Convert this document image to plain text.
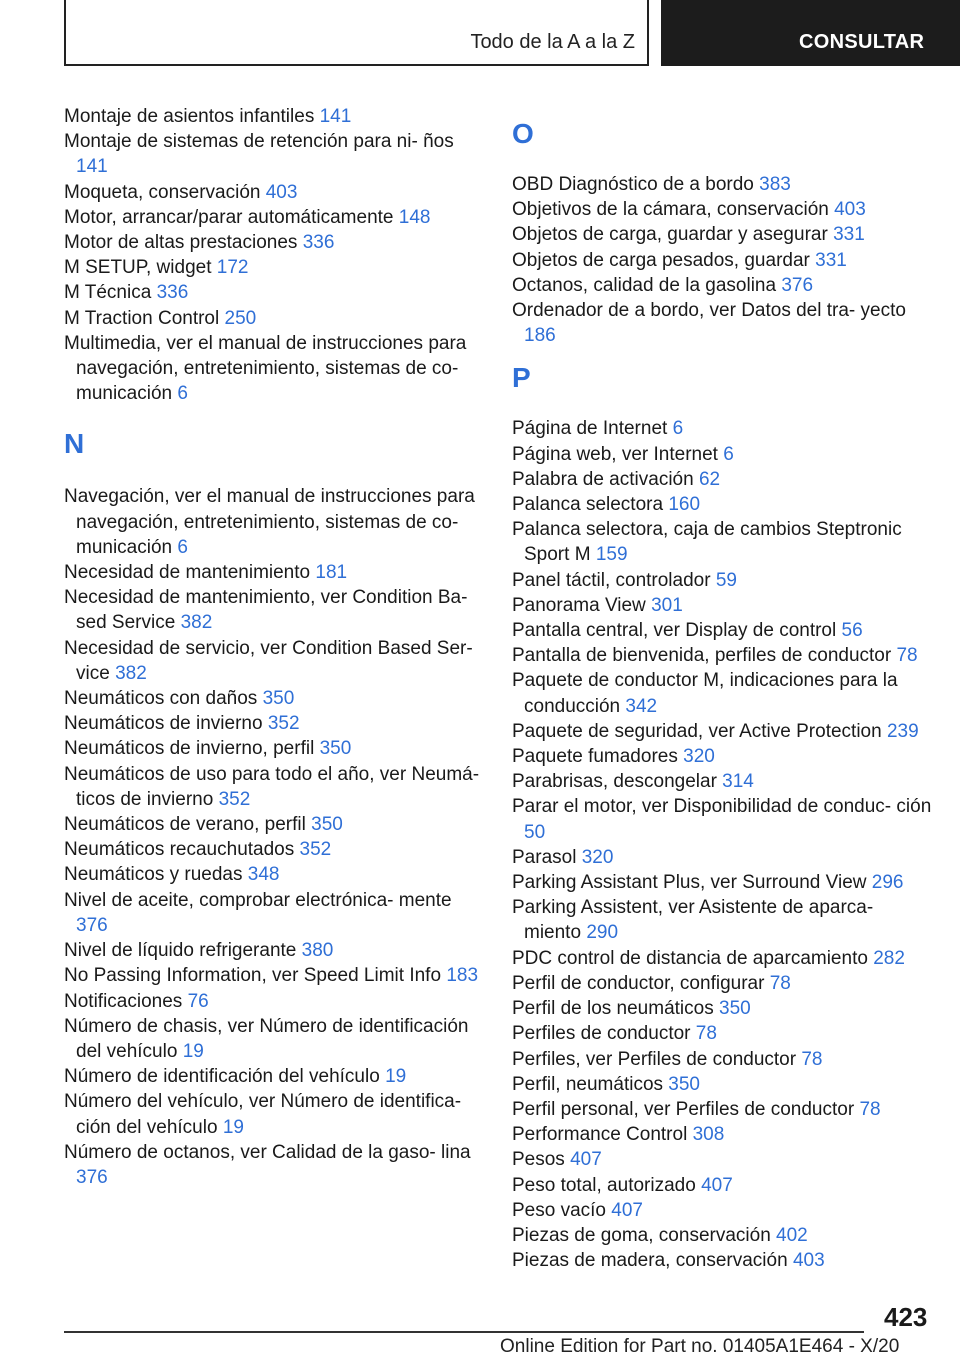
Todo de la A a la Z	CONSULTAR
Montaje de asientos infantiles 141
Montaje de sistemas de retención para ni‐ ños 141
Moqueta, conservación 403
Motor, arrancar/parar automáticamente 148
Motor de altas prestaciones 336
M SETUP, widget 172
M Técnica 336
M Traction Control 250
Multimedia, ver el manual de instrucciones para navegación, entretenimiento, sistemas de co‐ municación 6
N
Navegación, ver el manual de instrucciones para navegación, entretenimiento, sistemas de co‐ municación 6
Necesidad de mantenimiento 181
Necesidad de mantenimiento, ver Condition Ba‐ sed Service 382
Necesidad de servicio, ver Condition Based Ser‐ vice 382
Neumáticos con daños 350
Neumáticos de invierno 352
Neumáticos de invierno, perfil 350
Neumáticos de uso para todo el año, ver Neumá‐ ticos de invierno 352
Neumáticos de verano, perfil 350
Neumáticos recauchutados 352
Neumáticos y ruedas 348
Nivel de aceite, comprobar electrónica‐ mente 376
Nivel de líquido refrigerante 380
No Passing Information, ver Speed Limit Info 183
Notificaciones 76
Número de chasis, ver Número de identificación del vehículo 19
Número de identificación del vehículo 19
Número del vehículo, ver Número de identifica‐ ción del vehículo 19
Número de octanos, ver Calidad de la gaso‐ lina 376
O
OBD Diagnóstico de a bordo 383
Objetivos de la cámara, conservación 403
Objetos de carga, guardar y asegurar 331
Objetos de carga pesados, guardar 331
Octanos, calidad de la gasolina 376
Ordenador de a bordo, ver Datos del tra‐ yecto 186
P
Página de Internet 6
Página web, ver Internet 6
Palabra de activación 62
Palanca selectora 160
Palanca selectora, caja de cambios Steptronic Sport M 159
Panel táctil, controlador 59
Panorama View 301
Pantalla central, ver Display de control 56
Pantalla de bienvenida, perfiles de conductor 78
Paquete de conductor M, indicaciones para la conducción 342
Paquete de seguridad, ver Active Protection 239
Paquete fumadores 320
Parabrisas, descongelar 314
Parar el motor, ver Disponibilidad de conduc‐ ción 50
Parasol 320
Parking Assistant Plus, ver Surround View 296
Parking Assistent, ver Asistente de aparca‐ miento 290
PDC control de distancia de aparcamiento 282
Perfil de conductor, configurar 78
Perfil de los neumáticos 350
Perfiles de conductor 78
Perfiles, ver Perfiles de conductor 78
Perfil, neumáticos 350
Perfil personal, ver Perfiles de conductor 78
Performance Control 308
Pesos 407
Peso total, autorizado 407
Peso vacío 407
Piezas de goma, conservación 402
Piezas de madera, conservación 403
423
Online Edition for Part no. 01405A1E464 - X/20
